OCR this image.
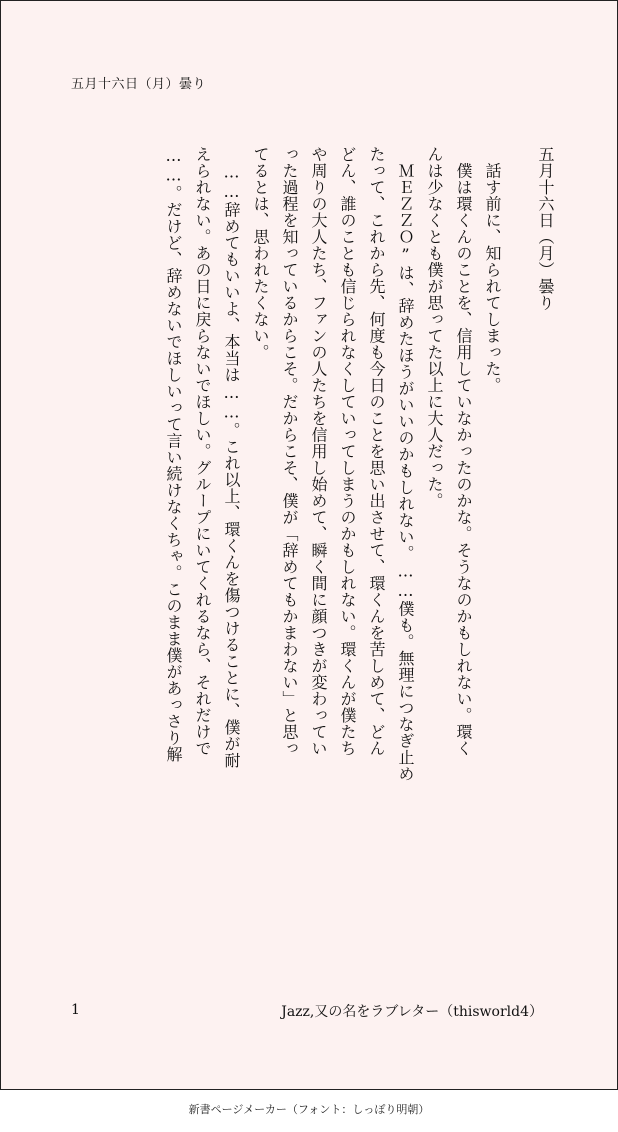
五月十六日（月）曇り
五月十六日（月）曇り
　話す前に、知られてしまった。
　僕は環くんのことを、信用していなかったのかな。そうなのかもしれない。環く
んは少なくとも僕が思ってた以上に大人だった。
　ＭＥＺＺＯ”は、辞めたほうがいいのかもしれない。……僕も。無理につなぎ止め
たって、これから先、何度も今日のことを思い出させて、環くんを苦しめて、どん
どん、誰のことも信じられなくしていってしまうのかもしれない。環くんが僕たち
や周りの大人たち、ファンの人たちを信用し始めて、瞬く間に顔つきが変わってい
った過程を知っているからこそ。だからこそ、僕が「辞めてもかまわない」と思っ
てるとは、思われたくない。
　……辞めてもいいよ、本当は……。これ以上、環くんを傷つけることに、僕が耐
えられない。あの日に戻らないでほしい。グループにいてくれるなら、それだけで
……。だけど、辞めないでほしいって言い続けなくちゃ。このまま僕があっさり解
1	Jazz,又の名をラブレター（thisworld4）
新書ページメーカー（フォント：しっぽり明朝）
